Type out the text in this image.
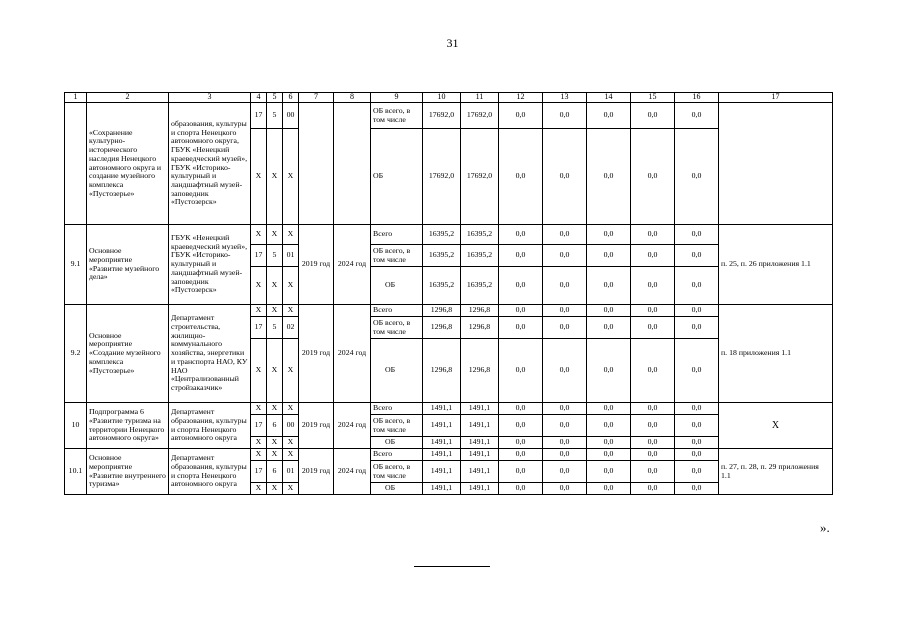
31
1	2	3	4	5	6	7	8	9	10	11	12	13	14	15	16	17
	«Сохранение культурно-исторического наследия Ненецкого автономного округа и создание музейного комплекса «Пустозерье»	образования, культуры и спорта Ненецкого автономного округа, ГБУК «Ненецкий краеведческий музей», ГБУК «Историко-культурный и ландшафтный музей-заповедник «Пустозерск»	17	5	00			ОБ всего, в том числе	17692,0	17692,0	0,0	0,0	0,0	0,0	0,0	
			Х	Х	Х			ОБ	17692,0	17692,0	0,0	0,0	0,0	0,0	0,0	
9.1	Основное мероприятие «Развитие музейного дела»	ГБУК «Ненецкий краеведческий музей», ГБУК «Историко-культурный и ландшафтный музей-заповедник «Пустозерск»	Х	Х	Х	2019 год	2024 год	Всего	16395,2	16395,2	0,0	0,0	0,0	0,0	0,0	п. 25, п. 26 приложения 1.1
			17	5	01			ОБ всего, в том числе	16395,2	16395,2	0,0	0,0	0,0	0,0	0,0	
			Х	Х	Х			ОБ	16395,2	16395,2	0,0	0,0	0,0	0,0	0,0	
9.2	Основное мероприятие «Создание музейного комплекса «Пустозерье»	Департамент строительства, жилищно-коммунального хозяйства, энергетики и транспорта НАО, КУ НАО «Централизованный стройзаказчик»	Х	Х	Х	2019 год	2024 год	Всего	1296,8	1296,8	0,0	0,0	0,0	0,0	0,0	п. 18 приложения 1.1
			17	5	02			ОБ всего, в том числе	1296,8	1296,8	0,0	0,0	0,0	0,0	0,0	
			Х	Х	Х			ОБ	1296,8	1296,8	0,0	0,0	0,0	0,0	0,0	
10	Подпрограмма 6 «Развитие туризма на территории Ненецкого автономного округа»	Департамент образования, культуры и спорта Ненецкого автономного округа	Х	Х	Х	2019 год	2024 год	Всего	1491,1	1491,1	0,0	0,0	0,0	0,0	0,0	Х
			17	6	00			ОБ всего, в том числе	1491,1	1491,1	0,0	0,0	0,0	0,0	0,0	
			Х	Х	Х			ОБ	1491,1	1491,1	0,0	0,0	0,0	0,0	0,0	
10.1	Основное мероприятие «Развитие внутреннего туризма»	Департамент образования, культуры и спорта Ненецкого автономного округа	Х	Х	Х	2019 год	2024 год	Всего	1491,1	1491,1	0,0	0,0	0,0	0,0	0,0	п. 27, п. 28, п. 29 приложения 1.1
			17	6	01			ОБ всего, в том числе	1491,1	1491,1	0,0	0,0	0,0	0,0	0,0	
			Х	Х	Х			ОБ	1491,1	1491,1	0,0	0,0	0,0	0,0	0,0	
».
